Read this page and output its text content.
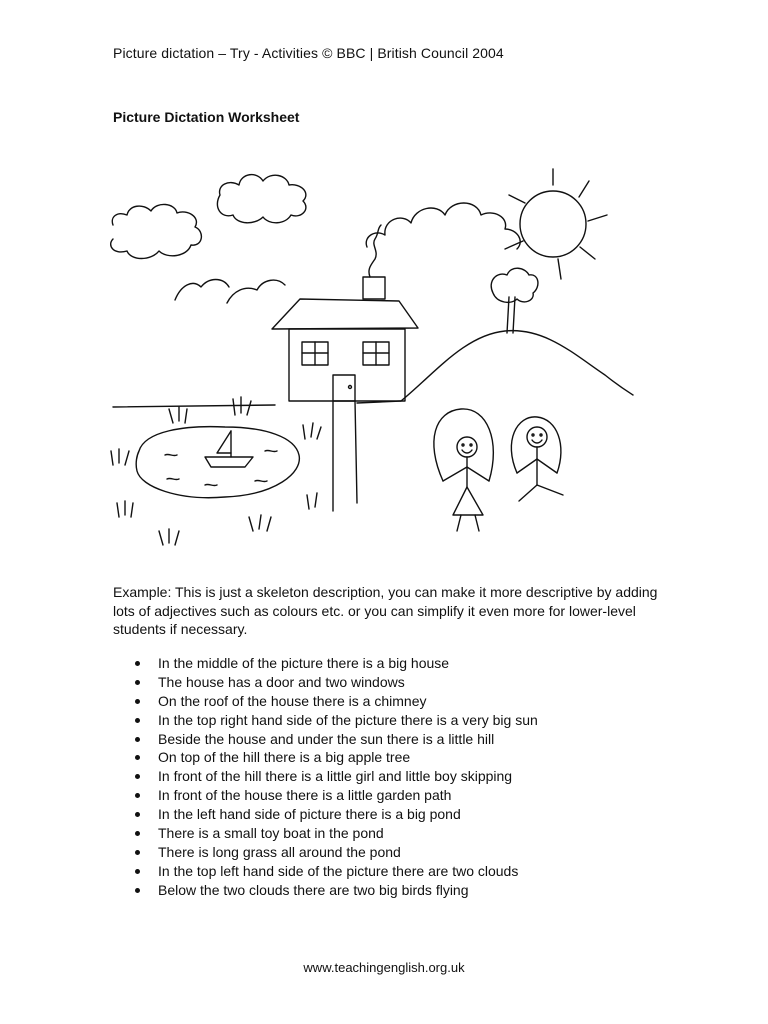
Picture dictation – Try - Activities © BBC | British Council 2004
Picture Dictation Worksheet
Example: This is just a skeleton description, you can make it more descriptive by adding lots of adjectives such as colours etc. or you can simplify it even more for lower-level students if necessary.
In the middle of the picture there is a big house
The house has a door and two windows
On the roof of the house there is a chimney
In the top right hand side of the picture there is a very big sun
Beside the house and under the sun there is a little hill
On top of the hill there is a big apple tree
In front of the hill there is a little girl and little boy skipping
In front of the house there is a little garden path
In the left hand side of picture there is a big pond
There is a small toy boat in the pond
There is long grass all around the pond
In the top left hand side of the picture there are two clouds
Below the two clouds there are two big birds flying
www.teachingenglish.org.uk
